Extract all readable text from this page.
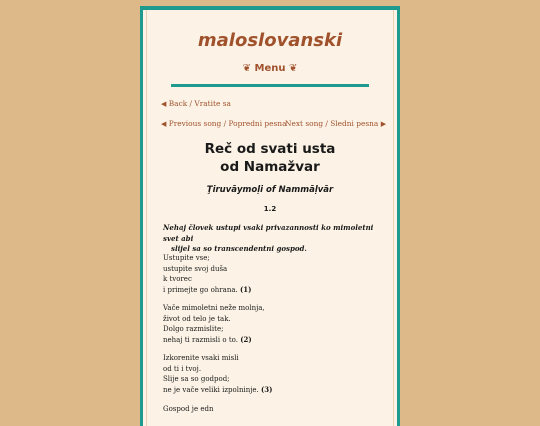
maloslovanski
❦ Menu ❦
◀ Back / Vratite sa
◀ Previous song / Popredni pesna
Next song / Sledni pesna ▶
Reč od svati usta
od Namažvar
Ţiruvāymoḷi of Nammāḷvār
1.2
Nehaj človek ustupi vsaki privazannosti ko mimoletni svet abi
slijel sa so transcendentni gospod.
Ustupite vse;
ustupite svoj duša
k tvorec
i primejte go ohrana. (1)
Vače mimoletni neže molnja,
život od telo je tak.
Dolgo razmislite;
nehaj ti razmisli o to. (2)
Izkorenite vsaki misli
od ti i tvoj.
Slije sa so godpod;
ne je vače veliki izpolninje. (3)
Gospod je edn
